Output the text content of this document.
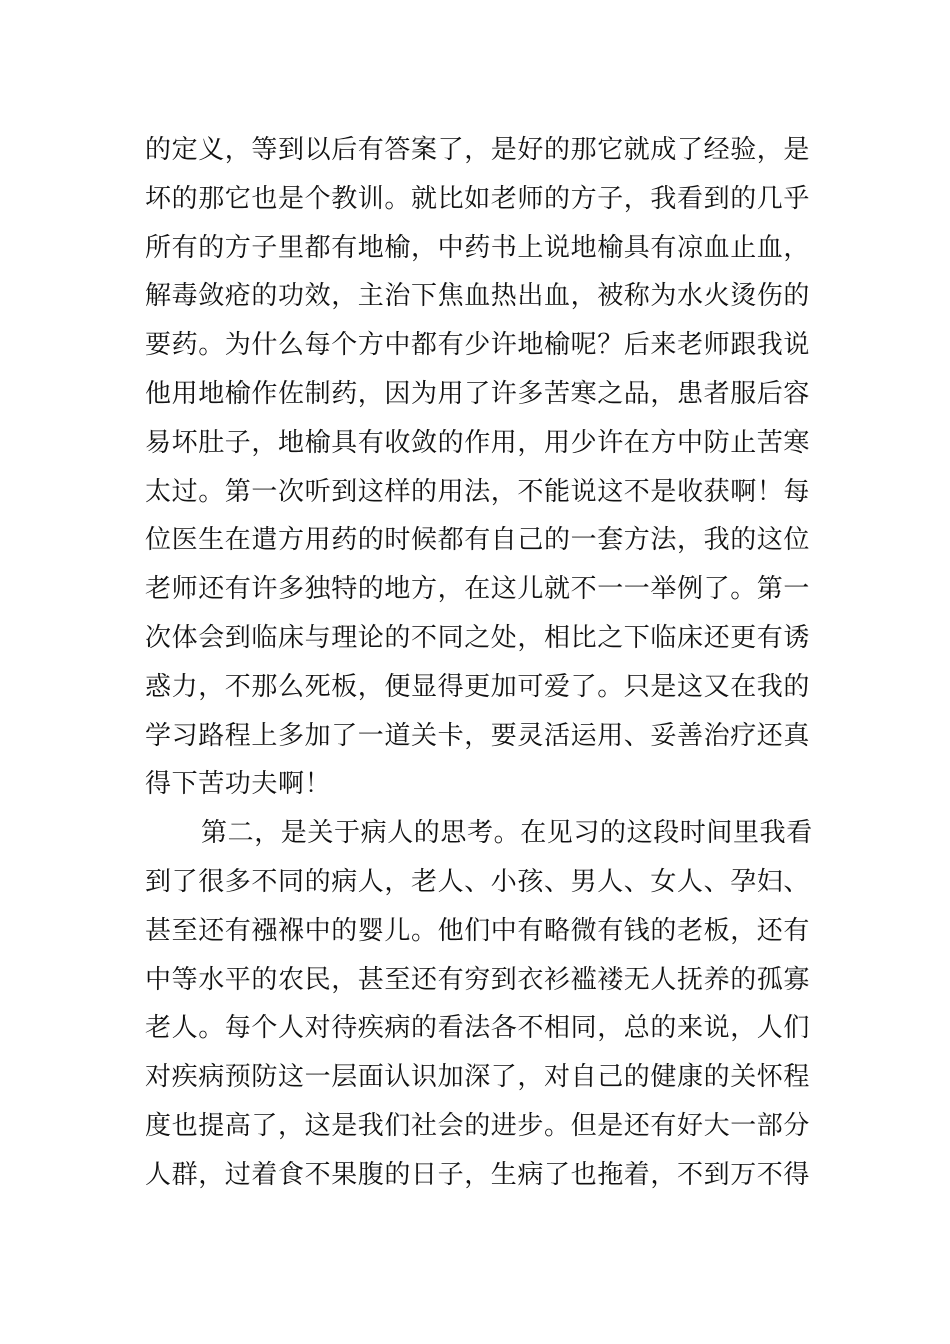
的定义，等到以后有答案了，是好的那它就成了经验，是
坏的那它也是个教训。就比如老师的方子，我看到的几乎
所有的方子里都有地榆，中药书上说地榆具有凉血止血，
解毒敛疮的功效，主治下焦血热出血，被称为水火烫伤的
要药。为什么每个方中都有少许地榆呢？后来老师跟我说
他用地榆作佐制药，因为用了许多苦寒之品，患者服后容
易坏肚子，地榆具有收敛的作用，用少许在方中防止苦寒
太过。第一次听到这样的用法，不能说这不是收获啊！每
位医生在遣方用药的时候都有自己的一套方法，我的这位
老师还有许多独特的地方，在这儿就不一一举例了。第一
次体会到临床与理论的不同之处，相比之下临床还更有诱
惑力，不那么死板，便显得更加可爱了。只是这又在我的
学习路程上多加了一道关卡，要灵活运用、妥善治疗还真
得下苦功夫啊！
第二，是关于病人的思考。在见习的这段时间里我看
到了很多不同的病人，老人、小孩、男人、女人、孕妇、
甚至还有襁褓中的婴儿。他们中有略微有钱的老板，还有
中等水平的农民，甚至还有穷到衣衫褴褛无人抚养的孤寡
老人。每个人对待疾病的看法各不相同，总的来说，人们
对疾病预防这一层面认识加深了，对自己的健康的关怀程
度也提高了，这是我们社会的进步。但是还有好大一部分
人群，过着食不果腹的日子，生病了也拖着，不到万不得
